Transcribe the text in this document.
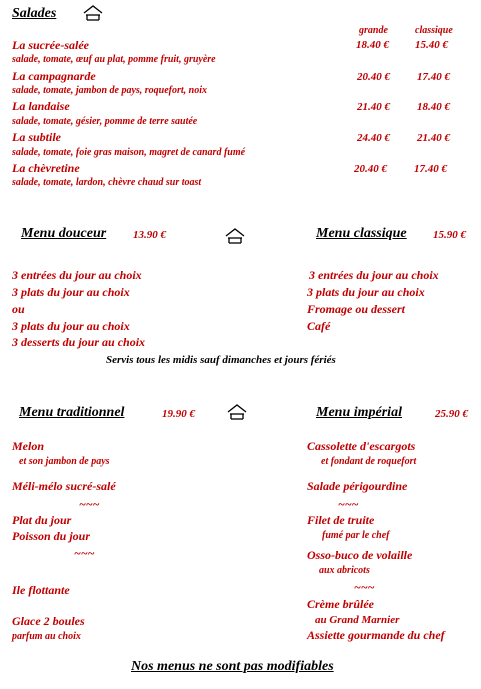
Salades
grande	classique
La sucrée-salée
salade, tomate, œuf au plat, pomme fruit, gruyère
18.40 € 15.40 €
La campagnarde
salade, tomate, jambon de pays, roquefort, noix
20.40 € 17.40 €
La landaise
salade, tomate, gésier, pomme de terre sautée
21.40 € 18.40 €
La subtile
salade, tomate, foie gras maison, magret de canard fumé
24.40 € 21.40 €
La chèvretine
salade, tomate, lardon, chèvre chaud sur toast
20.40 € 17.40 €
Menu douceur 13.90 €	Menu classique 15.90 €
3 entrées du jour au choix
3 plats du jour au choix
ou
3 plats du jour au choix
3 desserts du jour au choix
3 entrées du jour au choix
3 plats du jour au choix
Fromage ou dessert
Café
Servis tous les midis sauf dimanches et jours fériés
Menu traditionnel	19.90 €	Menu impérial	25.90 €
Melon
et son jambon de pays
Méli-mélo sucré-salé
~~~
Plat du jour
Poisson du jour
~~~
Ile flottante
Glace 2 boules
parfum au choix
Cassolette d'escargots
et fondant de roquefort
Salade périgourdine
~~~
Filet de truite
fumé par le chef
Osso-buco de volaille
aux abricots
~~~
Crème brûlée
au Grand Marnier
Assiette gourmande du chef
Nos menus ne sont pas modifiables
